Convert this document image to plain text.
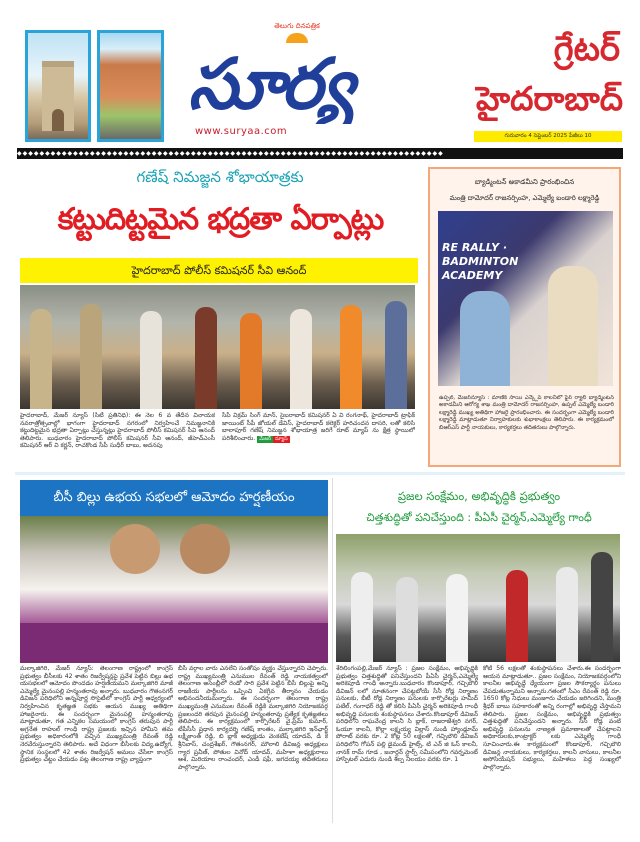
తెలుగు దినపత్రిక
సూర్య
www.suryaa.com
గ్రేటర్
హైదరాబాద్
గురువారం 4 సెప్టెంబర్ 2025 పేజీలు 10
◆◆◆◆◆◆◆◆◆◆◆◆◆◆◆◆◆◆◆◆◆◆◆◆◆◆◆◆◆◆◆◆◆◆◆◆◆◆◆◆◆◆◆◆◆◆◆◆◆◆◆◆◆◆◆◆◆◆◆◆◆◆◆◆◆◆◆◆◆◆◆◆◆◆◆◆
గణేష్ నిమజ్జన శోభాయాత్రకు
కట్టుదిట్టమైన భద్రతా ఏర్పాట్లు
హైదరాబాద్ పోలీస్ కమిషనర్ సీవి ఆనంద్
హైదరాబాద్, మేజర్ న్యూస్ (సిటీ ప్రతినిధి): ఈ నెల 6 వ తేదీన వినాయక నవరాత్రోత్సవాల్లో భాగంగా హైదరాబాద్ నగరంలో నిర్వహించే నిమజ్జనానికి కట్టుదిట్టమైన భద్రతా ఏర్పాట్లు చేస్తున్నట్లు హైదరాబాద్ పోలీస్ కమిషనర్ సీవి ఆనంద్ తెలిపారు. బుధవారం హైదరాబాద్ పోలీస్ కమిషనర్ సీవి ఆనంద్, జీహెచ్‌ఎంసీ కమిషనర్ ఆర్ వి కర్ణన్, రాచకొండ సీపీ సుధీర్ బాబు, అదనపు
సీపీ విక్రమ్ సింగ్ మాన్, సైబరాబాద్ కమిషనర్ ఏ వి రంగనాథ్, హైదరాబాద్ ట్రాఫిక్ జాయింట్ సీపీ జోయల్ డేవిస్, హైదరాబాద్ కలెక్టర్ హరిచందన దాసరి, లతో కలిసి బాలాపూర్ గణేష్ నిమజ్జన శోభాయాత్ర జరిగే రూట్ మ్యాప్ ను క్షేత్ర స్థాయిలో పరిశీలించారు. మేజర్ న్యూస్
బ్యాడ్మింటన్ అకాడమీని ప్రారంభించిన
మంత్రి దామోదర్ రాజనర్సింహ, ఎమ్మెల్యే బండారి లక్ష్మారెడ్డి
RE RALLY · BADMINTON ACADEMY
ఉప్పల్, మేజర్‌న్యూస్ : మాణిక్ సాయి ఎన్క్లేవ్ కాలనీలో ఫైర్ ర్యాలీ బ్యాడ్మింటన్ అకాడమీని ఆరోగ్య శాఖ మంత్రి దామోదర్ రాజనర్సింహ, ఉప్పల్ ఎమ్మెల్యే బండారి లక్ష్మారెడ్డి ముఖ్య అతిథిగా హాజరై ప్రారంభించారు. ఈ సందర్భంగా ఎమ్మెల్యే బండారి లక్ష్మారెడ్డి మాట్లాడుతూ నిర్వాహకులకు శుభాకాంక్షలు తెలిపారు. ఈ కార్యక్రమంలో బిఆర్ఎస్ పార్టీ నాయకులు, కార్యకర్తలు తదితరులు పాల్గొన్నారు.
బీసీ బిల్లు ఉభయ సభలలో ఆమోదం హర్షణీయం
మల్కాజిగిరి, మేజర్ న్యూస్: తెలంగాణ రాష్ట్రంలో కాంగ్రెస్ ప్రభుత్వం బీసీలకు 42 శాతం రిజర్వేషన్లపై ప్రవేశ పెట్టిన బిల్లు ఉభ యసభలలో ఆమోదం పొందడం హర్షణీయమని మల్కాజిగిరి మాజీ ఎమ్మెల్యే మైనంపల్లి హన్మంతరావు అన్నారు. బుధవారం గౌతంనగర్ డివిజన్ పరిధిలోని అన్నపూర్ణ సొసైటీలో కాంగ్రెస్ పార్టీ ఆధ్వర్యంలో నిర్వహించిన కృతజ్ఞత సభకు ఆయన ముఖ్య అతిథిగా హాజరైనారు. ఈ సందర్భంగా మైనంపల్లి హన్మంతరావు మాట్లాడుతూ, గత ఎన్నికల సమయంలో కాంగ్రెస్ తరుపున పార్టీ అగ్రనేత రాహుల్ గాంధీ రాష్ట్ర ప్రజలకు ఇచ్చిన హామీని తమ ప్రభుత్వం అధికారంలోకి వచ్చిన ముఖ్యమంత్రి రేవంత్ రెడ్డి నెరవేరుస్తున్నారని తెలిపారు. అదే విధంగా బీసీలకు విద్య,ఉద్యోగ, స్థానిక సంస్థలలో 42 శాతం రిజర్వేషన్ అమలు చేసేలా కాంగ్రెస్ ప్రభుత్వం చట్టం చేయడం పట్ల తెలంగాణ రాష్ట్ర వ్యాప్తంగా
బీసీ వర్గాల వారు ఎనలేని సంతోషం వ్యక్తం చేస్తున్నారని చెప్పారు. రాష్ట్ర ముఖ్యమంత్రి ఎనుముల రేవంత్ రెడ్డి నాయకత్వంలో తెలంగాణ అసెంబ్లీలో రెండో సారి ప్రవేశ పెట్టిన బీసీ బిల్లుపై అన్ని రాజకీయ పార్టీలను ఒప్పించి ఏకగ్రీవ తీర్మానం చేయడం అభినందనీయమన్నారు. ఈ సందర్భంగా తెలంగాణ రాష్ట్ర ముఖ్యమంత్రి ఎనుముల రేవంత్ రెడ్డికి మల్కాజిగిరి నియోజకవర్గ ప్రజలందరి తరపున మైనంపల్లి హన్మంతరావు ప్రత్యేక కృతజ్ఞతలు తెలిపారు. ఈ కార్యక్రమంలో కార్పొరేటర్ వై.ప్రేమ్ కుమార్, టీపీసీసీ ప్రధాన కార్యదర్శి గణేష్ కాంతం, మల్కాజిగిరి ఇన్‌ఛార్జ్ లక్ష్మీకాంత్ రెడ్డి, బి బ్లాక్ అధ్యక్షుడు వెంకటేష్ యాదవ్, డి కె శ్రీనివాస్, చంద్రశేఖర్, గౌతంనగర్, మౌలాలి డివిజన్ల అధ్యక్షులు గ్యార ప్రవీణ్, పోతుల వినోద్ యాదవ్, మహిళా అధ్యక్షురాలు ఆశ, మిరియాల రాంచందర్, ఎండీ షఫీ, జగదయ్య తదితరులు పాల్గొన్నారు.
ప్రజల సంక్షేమం, అభివృద్ధికి ప్రభుత్వం
చిత్తశుద్ధితో పనిచేస్తుంది : పీఏసీ చైర్మన్,ఎమ్మెల్యే గాంధీ
శేరిలింగంపల్లి,మేజర్ న్యూస్ : ప్రజల సంక్షేమం, అభివృద్ధికి ప్రభుత్వం చిత్తశుద్ధితో పనిచేస్తుందని పీఏసీ చైర్మన్,ఎమ్మెల్యే అరికెపూడి గాంధీ అన్నారు.బుధవారం కొండాపూర్, గచ్చిబౌలి డివిజన్ లలో నూతనంగా చేపట్టబోయే సీసీ రోడ్ల నిర్మాణం పనులకు, బీటీ రోడ్ల నిర్మాణం పనులకు కార్పొరేటర్లు హమీద్ పటేల్, గంగాధర్ రెడ్డి తో కలిసి పీఏసీ చైర్మన్ అరికెపూడి గాంధీ అభివృద్ధి పనులకు శంకుస్థాపనలు చేశారు.కొండాపూర్ డివిజన్ పరిధిలోని రాఘవేంద్ర కాలనీ సి బ్లాక్, రాజరాజేశ్వరి నగర్, ఓయూ కాలనీ, కొల్లా లక్ష్మయ్య విల్లాస్ నుండి హ్యాండ్లూమ్ పోరాట్ వరకు రూ. 2 కోట్ల 50 లక్షలతో, గచ్చిబౌలి డివిజన్ పరిధిలోని గోపన్ పల్లి డైమండ్ హైట్స్, టి ఎన్ జి ఓస్ కాలనీ, నానక్ రామ్ గూడ , జనార్దన్ స్టార్స్ సమీపంలోని గవర్నమెంట్ హాస్పిటల్ ఎదురు నుండి శిల్ప నిలయం వరకు రూ. 1
కోటి 56 లక్షలతో శంకుస్థాపనలు చేశారు.ఈ సందర్భంగా ఆయన మాట్లాడుతూ.. ప్రజల సంక్షేమం, నియోజకవర్గంలోని కాలనీల అభివృద్ధే ధ్యేయంగా ప్రజల సౌకర్యార్థం పనులు చేపడుతున్నామని అన్నారు.గతంలో సీఎం రేవంత్ రెడ్డి రూ. 1650 కోట్ల నిధులు మంజూరు చేయడం జరిగిందని, మంత్రి శ్రీధర్ బాబు సహకారంతో అన్ని రంగాల్లో అభివృద్ధి చేస్తామని తెలిపారు. ప్రజల సంక్షేమం, అభివృద్ధికి ప్రభుత్వం చిత్తశుద్ధితో పనిచేస్తుందని అన్నారు. సీసీ రోడ్ల వంటి అభివృద్ధి పనులను నాణ్యత ప్రమాణాలతో చేపట్టాలని అధికారులకు,కాంట్రాక్టర్ లకు ఎమ్మెల్యే గాంధీ సూచించారు.ఈ కార్యక్రమంలో కొండాపూర్, గచ్చిబౌలి డివిజన్ల నాయకులు, కార్యకర్తలు, కాలనీ వాసులు, కాలనీల అసోసియేషన్ సభ్యులు, మహిళలు పెద్ద సంఖ్యలో పాల్గొన్నారు.
